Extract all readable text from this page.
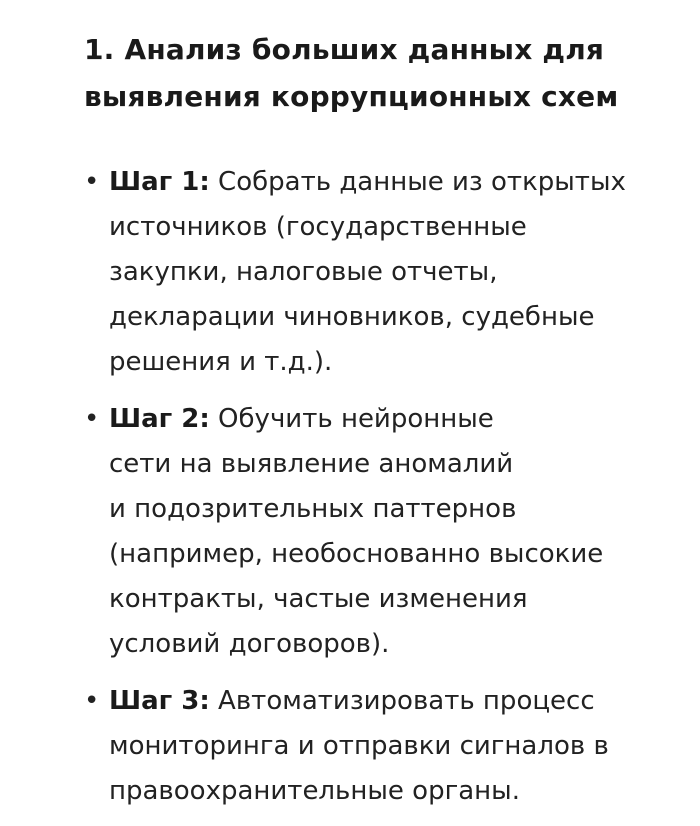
1. Анализ больших данных для
выявления коррупционных схем
• Шаг 1: Собрать данные из открытых
источников (государственные
закупки, налоговые отчеты,
декларации чиновников, судебные
решения и т.д.).
• Шаг 2: Обучить нейронные
сети на выявление аномалий
и подозрительных паттернов
(например, необоснованно высокие
контракты, частые изменения
условий договоров).
• Шаг 3: Автоматизировать процесс
мониторинга и отправки сигналов в
правоохранительные органы.
